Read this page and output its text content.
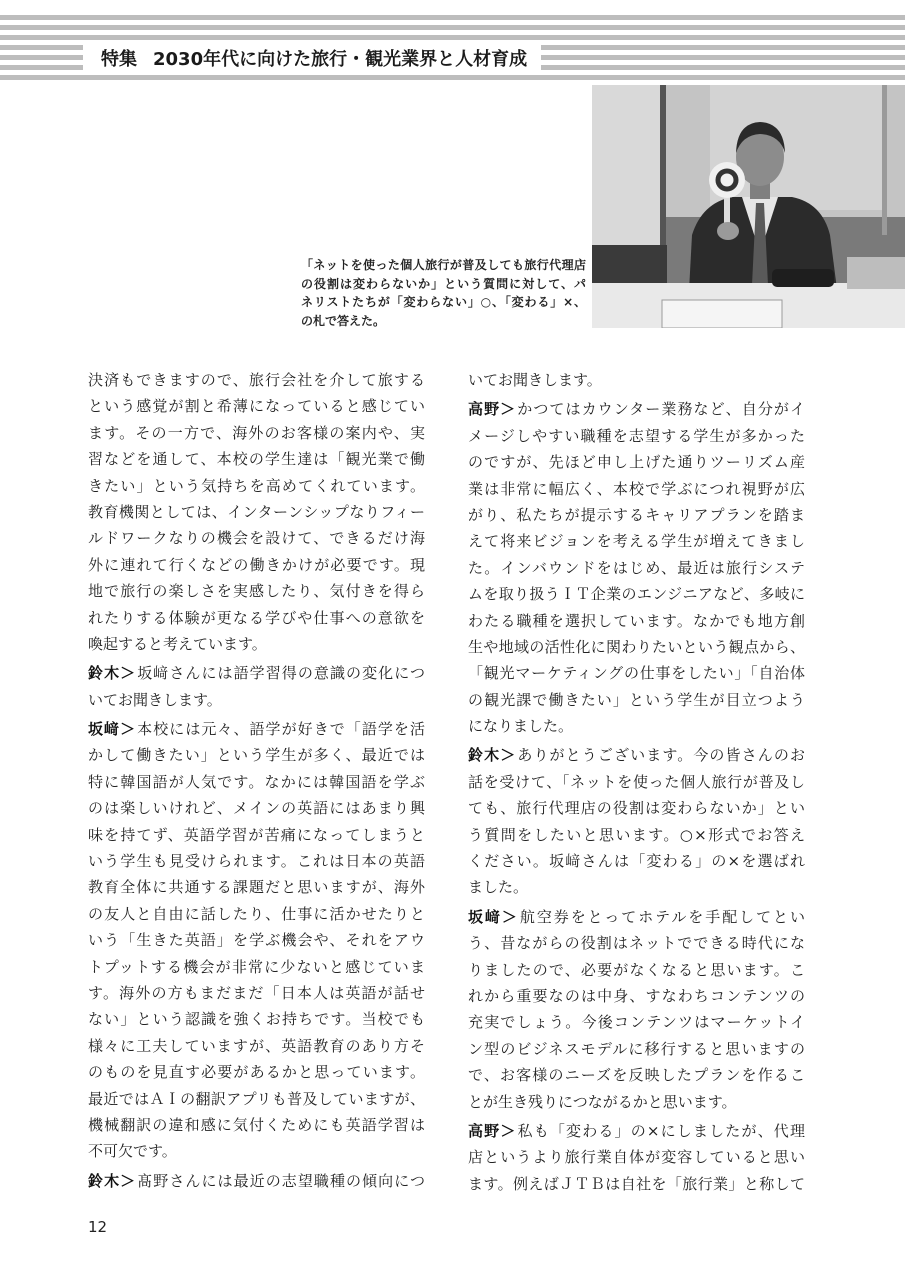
特集 2030年代に向けた旅行・観光業界と人材育成
「ネットを使った個人旅行が普及しても旅行代理店
の役割は変わらないか」という質問に対して、パ
ネリストたちが「変わらない」○、「変わる」×、
の札で答えた。
決済もできますので、旅行会社を介して旅する
という感覚が割と希薄になっていると感じてい
ます。その一方で、海外のお客様の案内や、実
習などを通して、本校の学生達は「観光業で働
きたい」という気持ちを高めてくれています。
教育機関としては、インターンシップなりフィー
ルドワークなりの機会を設けて、できるだけ海
外に連れて行くなどの働きかけが必要です。現
地で旅行の楽しさを実感したり、気付きを得ら
れたりする体験が更なる学びや仕事への意欲を
喚起すると考えています。
鈴木＞坂﨑さんには語学習得の意識の変化につ
いてお聞きします。
坂﨑＞本校には元々、語学が好きで「語学を活
かして働きたい」という学生が多く、最近では
特に韓国語が人気です。なかには韓国語を学ぶ
のは楽しいけれど、メインの英語にはあまり興
味を持てず、英語学習が苦痛になってしまうと
いう学生も見受けられます。これは日本の英語
教育全体に共通する課題だと思いますが、海外
の友人と自由に話したり、仕事に活かせたりと
いう「生きた英語」を学ぶ機会や、それをアウ
トプットする機会が非常に少ないと感じていま
す。海外の方もまだまだ「日本人は英語が話せ
ない」という認識を強くお持ちです。当校でも
様々に工夫していますが、英語教育のあり方そ
のものを見直す必要があるかと思っています。
最近ではＡＩの翻訳アプリも普及していますが、
機械翻訳の違和感に気付くためにも英語学習は
不可欠です。
鈴木＞髙野さんには最近の志望職種の傾向につ
いてお聞きします。
高野＞かつてはカウンター業務など、自分がイ
メージしやすい職種を志望する学生が多かった
のですが、先ほど申し上げた通りツーリズム産
業は非常に幅広く、本校で学ぶにつれ視野が広
がり、私たちが提示するキャリアプランを踏ま
えて将来ビジョンを考える学生が増えてきまし
た。インバウンドをはじめ、最近は旅行システ
ムを取り扱うＩＴ企業のエンジニアなど、多岐に
わたる職種を選択しています。なかでも地方創
生や地域の活性化に関わりたいという観点から、
「観光マーケティングの仕事をしたい」「自治体
の観光課で働きたい」という学生が目立つよう
になりました。
鈴木＞ありがとうございます。今の皆さんのお
話を受けて、「ネットを使った個人旅行が普及し
ても、旅行代理店の役割は変わらないか」とい
う質問をしたいと思います。○×形式でお答え
ください。坂﨑さんは「変わる」の×を選ばれ
ました。
坂﨑＞航空券をとってホテルを手配してとい
う、昔ながらの役割はネットでできる時代にな
りましたので、必要がなくなると思います。こ
れから重要なのは中身、すなわちコンテンツの
充実でしょう。今後コンテンツはマーケットイ
ン型のビジネスモデルに移行すると思いますの
で、お客様のニーズを反映したプランを作るこ
とが生き残りにつながるかと思います。
高野＞私も「変わる」の×にしましたが、代理
店というより旅行業自体が変容していると思い
ます。例えばＪＴＢは自社を「旅行業」と称して
12
